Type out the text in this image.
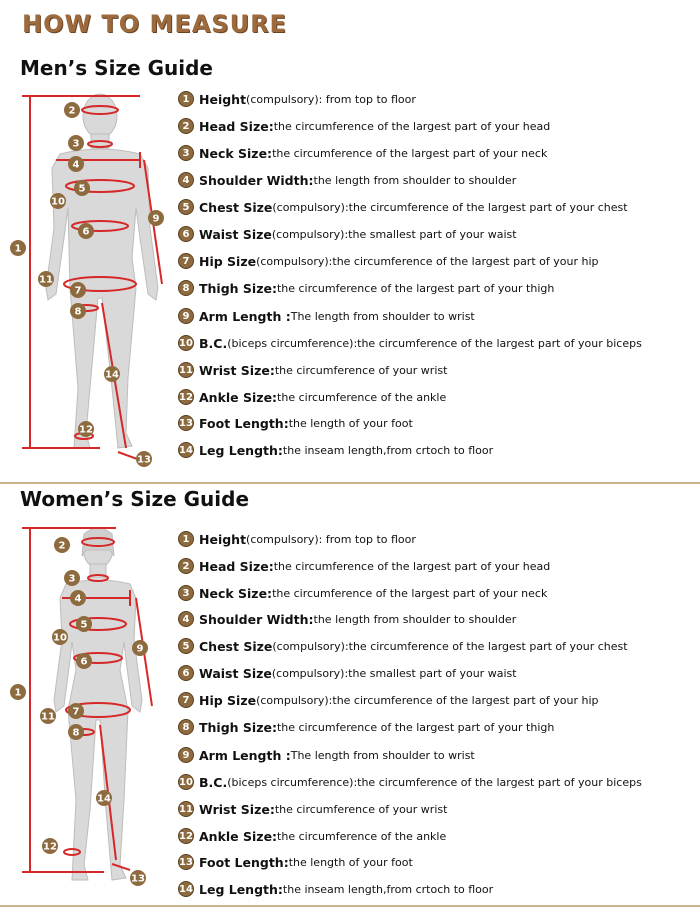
HOW TO MEASURE
Men’s Size Guide
1
2
3
4
5
6
7
8
9
10
11
12
13
14
1 Height (compulsory): from top to floor
2 Head Size: the circumference of the largest part of your head
3 Neck Size: the circumference of the largest part of your neck
4 Shoulder Width: the length from shoulder to shoulder
5 Chest Size (compulsory):the circumference of the largest part of your chest
6 Waist Size (compulsory):the smallest part of your waist
7 Hip Size (compulsory):the circumference of the largest part of your hip
8 Thigh Size: the circumference of the largest part of your thigh
9 Arm Length : The length from shoulder to wrist
10 B.C. (biceps circumference):the circumference of the largest part of your biceps
11 Wrist Size: the circumference of your wrist
12 Ankle Size: the circumference of the ankle
13 Foot Length: the length of your foot
14 Leg Length: the inseam length,from crtoch to floor
Women’s Size Guide
1
2
3
4
5
6
7
8
9
10
11
12
13
14
1 Height (compulsory): from top to floor
2 Head Size: the circumference of the largest part of your head
3 Neck Size: the circumference of the largest part of your neck
4 Shoulder Width: the length from shoulder to shoulder
5 Chest Size (compulsory):the circumference of the largest part of your chest
6 Waist Size (compulsory):the smallest part of your waist
7 Hip Size (compulsory):the circumference of the largest part of your hip
8 Thigh Size: the circumference of the largest part of your thigh
9 Arm Length : The length from shoulder to wrist
10 B.C. (biceps circumference):the circumference of the largest part of your biceps
11 Wrist Size: the circumference of your wrist
12 Ankle Size: the circumference of the ankle
13 Foot Length: the length of your foot
14 Leg Length: the inseam length,from crtoch to floor
